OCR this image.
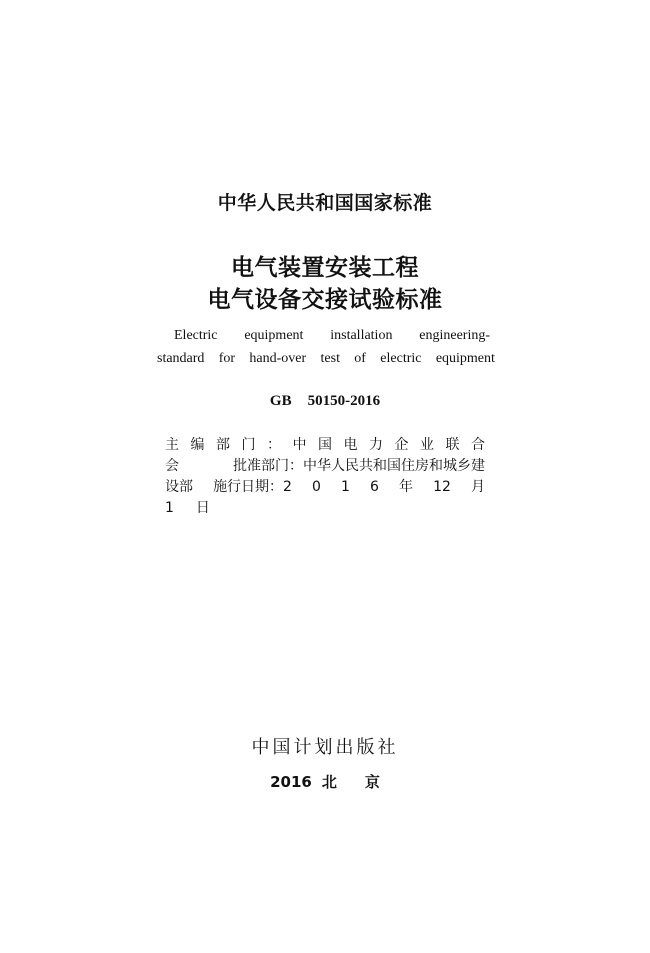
中华人民共和国国家标准
电气装置安装工程
电气设备交接试验标准
Electric equipment installation engineering-
standard for hand-over test of electric equipment
GB 50150-2016
主 编 部 门 ： 中 国 电 力 企 业 联 合
会	批准部门：中华人民共和国住房和城乡建
设部 施行日期：2 0 1 6 年 12 月
1 日
中国计划出版社
2016 北 京
